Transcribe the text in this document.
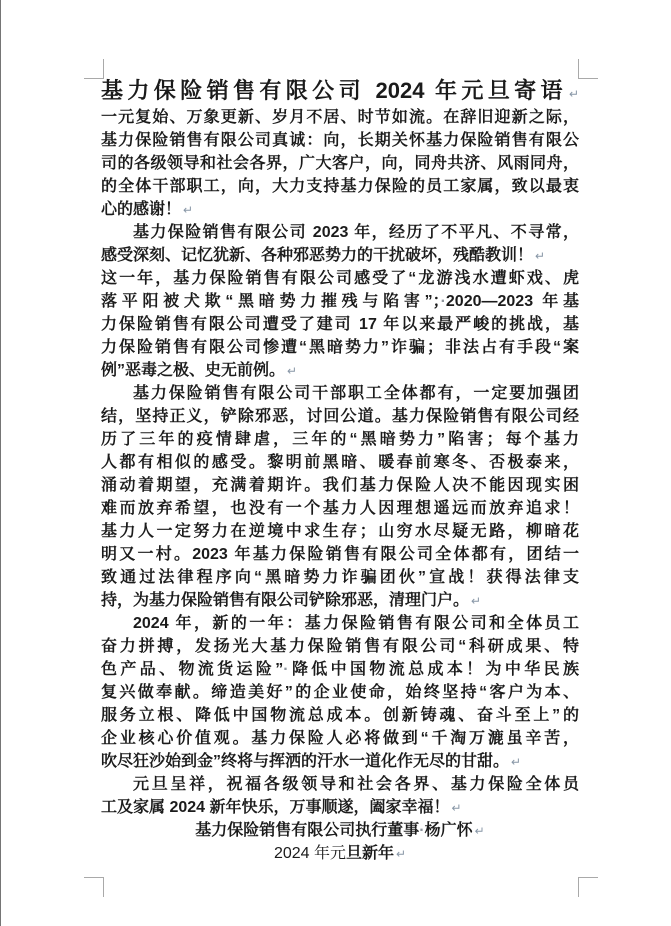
基力保险销售有限公司 2024 年元旦寄语 ↵
一元复始、万象更新、岁月不居、时节如流。在辞旧迎新之际，
基力保险销售有限公司真诚：向，长期关怀基力保险销售有限公
司的各级领导和社会各界，广大客户，向，同舟共济、风雨同舟，
的全体干部职工，向，大力支持基力保险的员工家属，致以最衷
心的感谢！ ↵
基力保险销售有限公司 2023 年，经历了不平凡、不寻常，
感受深刻、记忆犹新、各种邪恶势力的干扰破坏，残酷教训！ ↵
这一年，基力保险销售有限公司感受了“龙游浅水遭虾戏、虎
落平阳被犬欺“黑暗势力摧残与陷害”；·2020—2023 年基
力保险销售有限公司遭受了建司 17 年以来最严峻的挑战，基
力保险销售有限公司惨遭“黑暗势力”诈骗；非法占有手段“案
例”恶毒之极、史无前例。 ↵
基力保险销售有限公司干部职工全体都有，一定要加强团
结，坚持正义，铲除邪恶，讨回公道。基力保险销售有限公司经
历了三年的疫情肆虐，三年的“黑暗势力”陷害；每个基力
人都有相似的感受。黎明前黑暗、暖春前寒冬、否极泰来，
涌动着期望，充满着期许。我们基力保险人决不能因现实困
难而放弃希望，也没有一个基力人因理想遥远而放弃追求！
基力人一定努力在逆境中求生存；山穷水尽疑无路，柳暗花
明又一村。2023 年基力保险销售有限公司全体都有，团结一
致通过法律程序向“黑暗势力诈骗团伙”宣战！获得法律支
持，为基力保险销售有限公司铲除邪恶，清理门户。 ↵
2024 年，新的一年：基力保险销售有限公司和全体员工
奋力拼搏，发扬光大基力保险销售有限公司“科研成果、特
色产品、物流货运险”·降低中国物流总成本！为中华民族
复兴做奉献。缔造美好”的企业使命，始终坚持“客户为本、
服务立根、降低中国物流总成本。创新铸魂、奋斗至上”的
企业核心价值观。基力保险人必将做到“千淘万漉虽辛苦，
吹尽狂沙始到金”终将与挥洒的汗水一道化作无尽的甘甜。 ↵
元旦呈祥，祝福各级领导和社会各界、基力保险全体员
工及家属 2024 新年快乐，万事顺遂，阖家幸福！ ↵
基力保险销售有限公司执行董事·杨广怀 ↵
2024 年元旦新年 ↵
